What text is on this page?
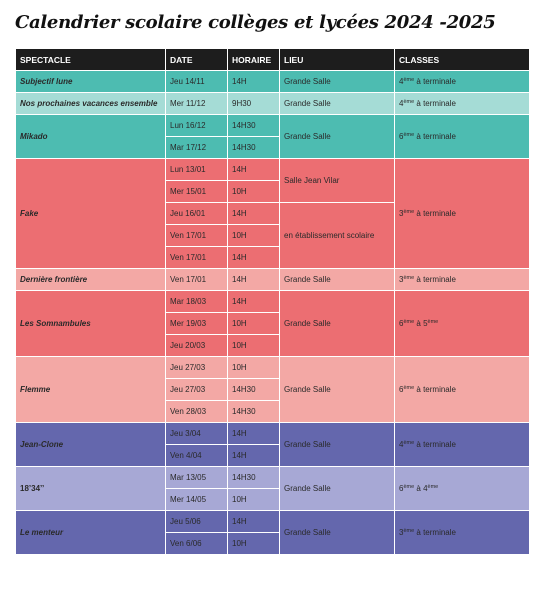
Calendrier scolaire collèges et lycées 2024 -2025
SPECTACLE	DATE	HORAIRE	LIEU	CLASSES
Subjectif lune	Jeu 14/11	14H	Grande Salle	4ème à terminale
Nos prochaines vacances ensemble	Mer 11/12	9H30	Grande Salle	4ème à terminale
Mikado	Lun 16/12	14H30	Grande Salle	6ème à terminale
	Mar 17/12	14H30		
Fake	Lun 13/01	14H	Salle Jean Vilar	3ème à terminale
	Mer 15/01	10H		
	Jeu 16/01	14H	en établissement scolaire	
	Ven 17/01	10H		
	Ven 17/01	14H		
Dernière frontière	Ven 17/01	14H	Grande Salle	3ème à terminale
Les Somnambules	Mar 18/03	14H	Grande Salle	6ème à 5ème
	Mer 19/03	10H		
	Jeu 20/03	10H		
Flemme	Jeu 27/03	10H	Grande Salle	6ème à terminale
	Jeu 27/03	14H30		
	Ven 28/03	14H30		
Jean-Clone	Jeu 3/04	14H	Grande Salle	4ème à terminale
	Ven 4/04	14H		
18’34’’	Mar 13/05	14H30	Grande Salle	6ème à 4ème
	Mer 14/05	10H		
Le menteur	Jeu 5/06	14H	Grande Salle	3ème à terminale
	Ven 6/06	10H		
